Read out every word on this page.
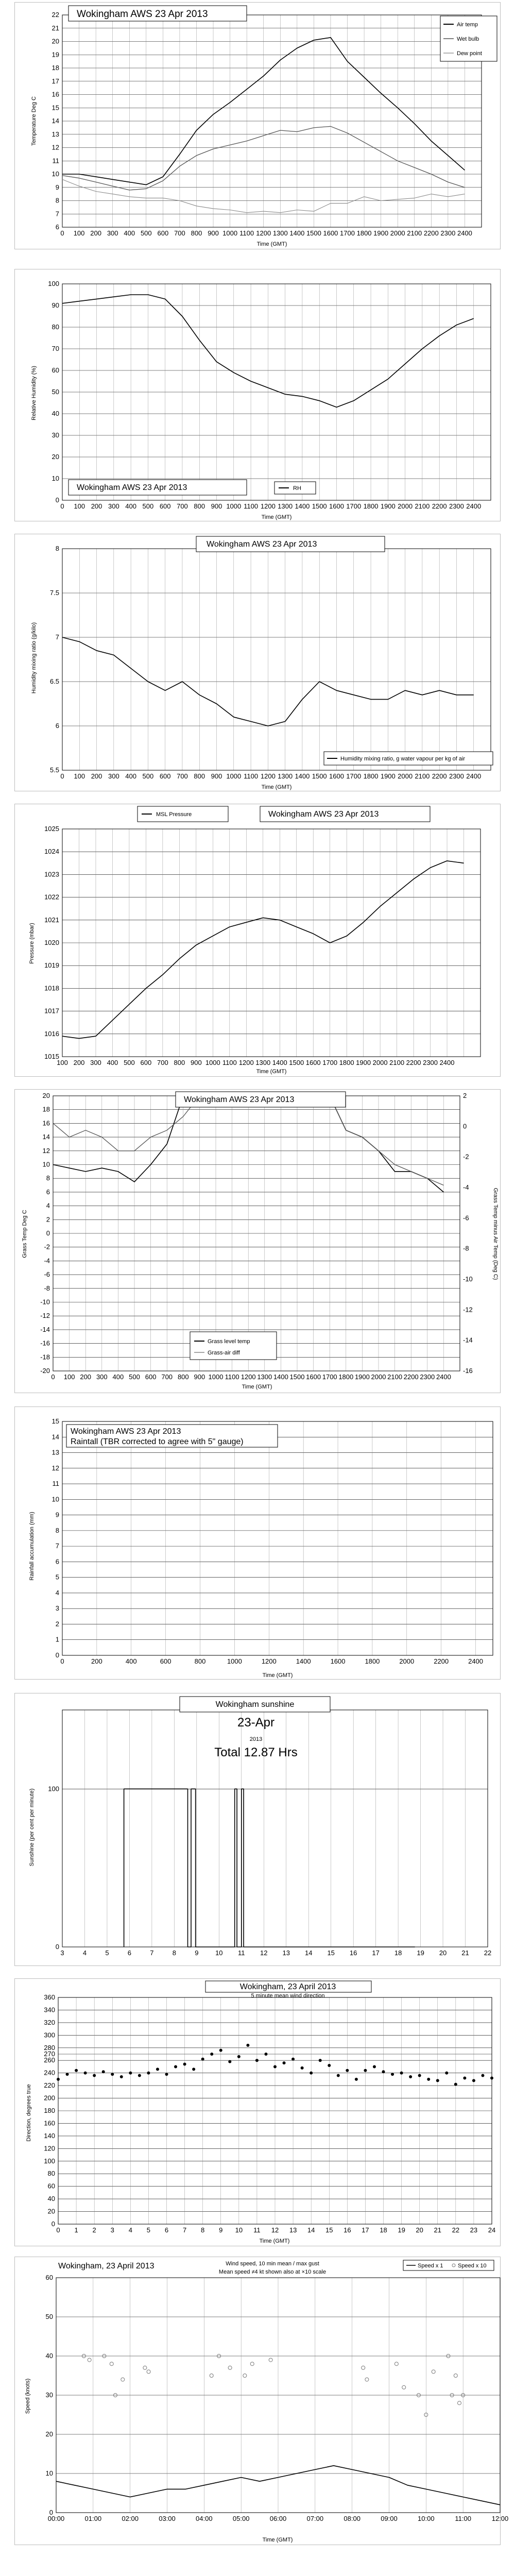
0 100 200 300 400 500 600 700 800 900 1000 1100 1200 1300 1400 1500 1600 1700 1800 1900 2000 2100 2200 2300 2400
6
7
8
9
10
11
12
13
14
15
16
17
18
19
20
21
22 Wokingham AWS 23 Apr 2013
Time (GMT)
Temperature Deg C
Air temp
Wet bulb
Dew point
0 100 200 300 400 500 600 700 800 900 1000 1100 1200 1300 1400 1500 1600 1700 1800 1900 2000 2100 2200 2300 2400
0
10
20
30
40
50
60
70
80
90
100
Wokingham AWS 23 Apr 2013	RH
Time (GMT)
Relative Humidity (%)
0 100 200 300 400 500 600 700 800 900 1000 1100 1200 1300 1400 1500 1600 1700 1800 1900 2000 2100 2200 2300 2400
5.5
6
6.5
7
7.5
8	Wokingham AWS 23 Apr 2013
Humidity mixing ratio, g water vapour per kg of air
Time (GMT)
Humidity mixing ratio (g/kilo)
100 200 300 400 500 600 700 800 900 1000 1100 1200 1300 1400 1500 1600 1700 1800 1900 2000 2100 2200 2300 2400
1015
1016
1017
1018
1019
1020
1021
1022
1023
1024
1025
MSL Pressure	Wokingham AWS 23 Apr 2013
Time (GMT)
Pressure (mbar)
0 100 200 300 400 500 600 700 800 900 1000 1100 1200 1300 1400 1500 1600 1700 1800 1900 2000 2100 2200 2300 2400
-20
-18
-16
-14
-12
-10
-8
-6
-4
-2
0
2
4
6
8
10
12
14
16
18
20
-16
-14
-12
-10
-8
-6
-4
-2
0
2
Wokingham AWS 23 Apr 2013
Grass level temp
Grass-air diff
Time (GMT)
Grass Temp Deg C	Grass Temp minus Air Temp (Deg C)
0	200	400	600	800	1000	1200	1400	1600	1800	2000	2200	2400
0
1
2
3
4
5
6
7
8
9
10
11
12
13
14
15
Wokingham AWS 23 Apr 2013
Raintall (TBR corrected to agree with 5" gauge)
Time (GMT)
Rainfall accumulation (mm)
3	4	5	6	7	8	9	10 11 12 13 14 15 16 17 18 19 20 21 22
0
100
Wokingham sunshine
23-Apr
2013
Total 12.87 Hrs
Sunshine (per cent per minute)
0 1 2 3 4 5 6 7 8 9 10 11 12 13 14 15 16 17 18 19 20 21 22 23 24
0
20
40
60
80
100
120
140
160
180
200
220
240
260
270
280
300
320
340
360
Wokingham, 23 April 2013
5 minute mean wind direction
Time (GMT)
Direction, degrees true
00:00	01:00	02:00	03:00	04:00	05:00	06:00	07:00	08:00	09:00	10:00	11:00	12:00
0
10
20
30
40
50
60
Wokingham, 23 April 2013	Wind speed, 10 min mean / max gust
Mean speed ≠4 kt shown also at ×10 scale
Speed x 1	Speed x 10
Time (GMT)
Speed (knots)
